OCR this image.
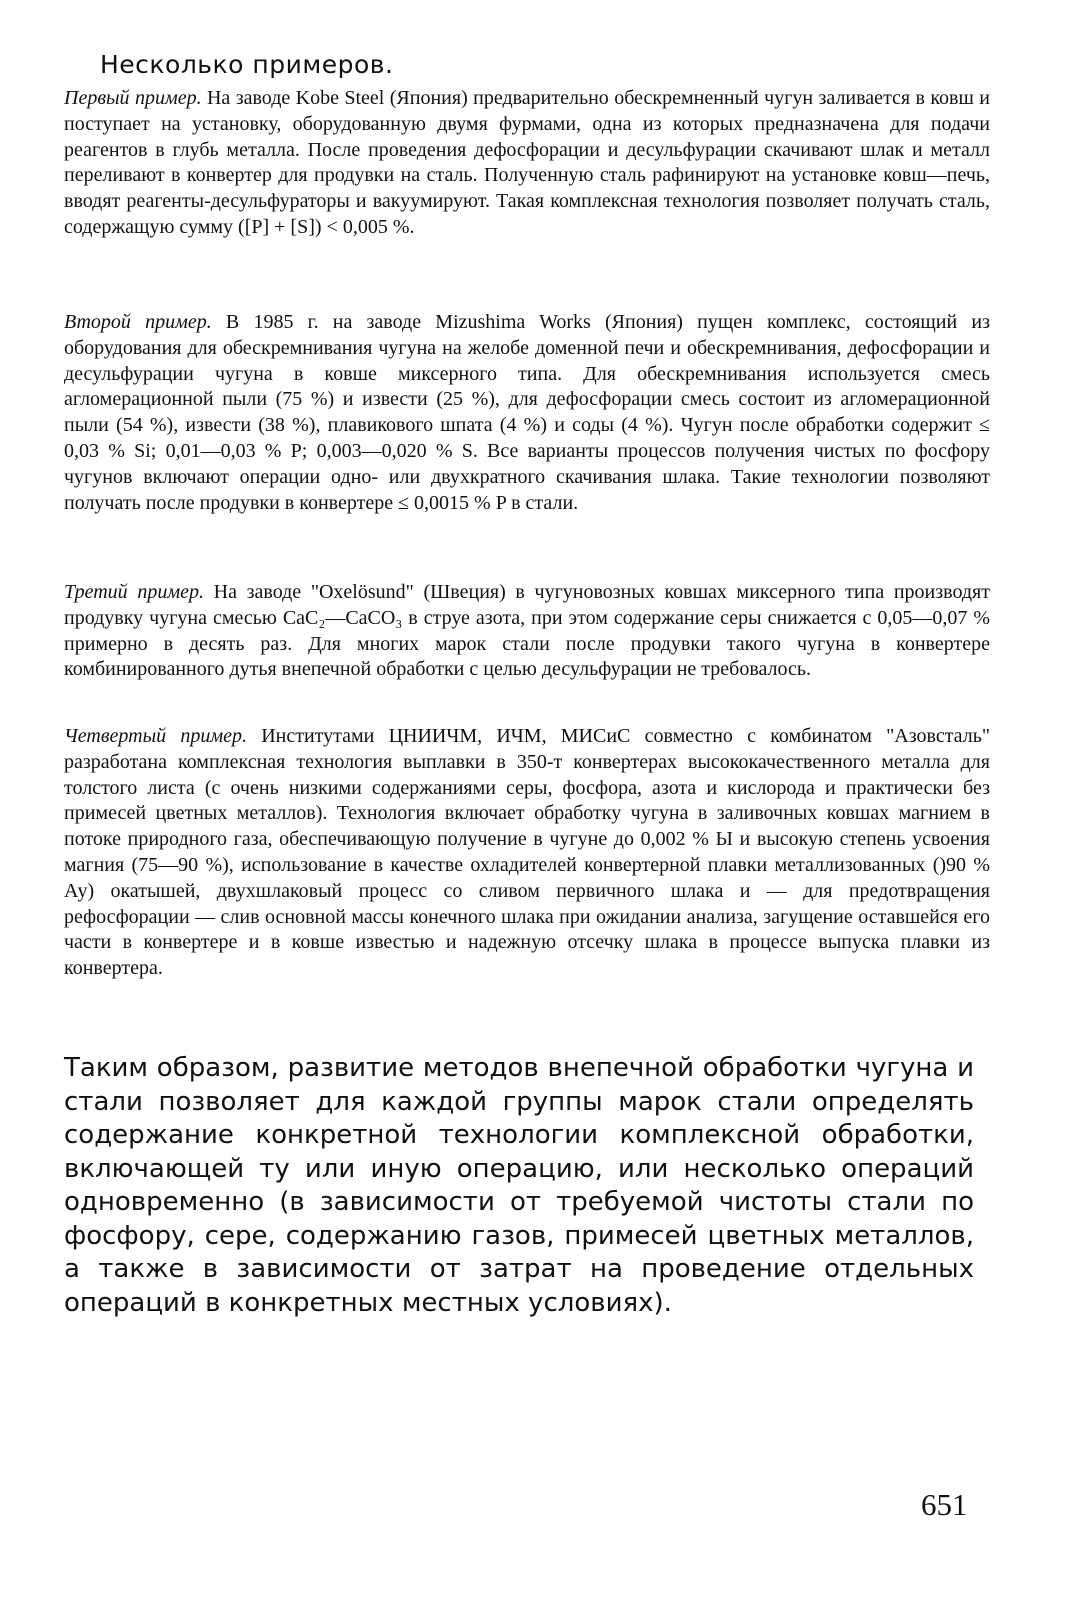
Несколько примеров.

Первый пример. На заводе Kobe Steel (Япония) предварительно обескремненный чугун заливается в ковш и поступает на установку, оборудованную двумя фурмами, одна из которых предназначена для подачи реагентов в глубь металла. После проведения дефосфорации и десульфурации скачивают шлак и металл переливают в конвертер для продувки на сталь. Полученную сталь рафинируют на установке ковш—печь, вводят реагенты-десульфураторы и вакуумируют. Такая комплексная технология позволяет получать сталь, содержащую сумму ([P] + [S]) < 0,005 %.

Второй пример. В 1985 г. на заводе Mizushima Works (Япония) пущен комплекс, состоящий из оборудования для обескремнивания чугуна на желобе доменной печи и обескремнивания, дефосфорации и десульфурации чугуна в ковше миксерного типа. Для обескремнивания используется смесь агломерационной пыли (75 %) и извести (25 %), для дефосфорации смесь состоит из агломерационной пыли (54 %), извести (38 %), плавикового шпата (4 %) и соды (4 %). Чугун после обработки содержит ≤ 0,03 % Si; 0,01—0,03 % P; 0,003—0,020 % S. Все варианты процессов получения чистых по фосфору чугунов включают операции одно- или двухкратного скачивания шлака. Такие технологии позволяют получать после продувки в конвертере ≤ 0,0015 % P в стали.

Третий пример. На заводе "Oxelösund" (Швеция) в чугуновозных ковшах миксерного типа производят продувку чугуна смесью CaC₂—CaCO₃ в струе азота, при этом содержание серы снижается с 0,05—0,07 % примерно в десять раз. Для многих марок стали после продувки такого чугуна в конвертере комбинированного дутья внепечной обработки с целью десульфурации не требовалось.

Четвертый пример. Институтами ЦНИИЧМ, ИЧМ, МИСиС совместно с комбинатом "Азовсталь" разработана комплексная технология выплавки в 350-т конвертерах высококачественного металла для толстого листа (с очень низкими содержаниями серы, фосфора, азота и кислорода и практически без примесей цветных металлов). Технология включает обработку чугуна в заливочных ковшах магнием в потоке природного газа, обеспечивающую получение в чугуне до 0,002 % Ы и высокую степень усвоения магния (75—90 %), использование в качестве охладителей конвертерной плавки металлизованных ()90 % Ау) окатышей, двухшлаковый процесс со сливом первичного шлака и — для предотвращения рефосфорации — слив основной массы конечного шлака при ожидании анализа, загущение оставшейся его части в конвертере и в ковше известью и надежную отсечку шлака в процессе выпуска плавки из конвертера.

Таким образом, развитие методов внепечной обработки чугуна и стали позволяет для каждой группы марок стали определять содержание конкретной технологии комплексной обработки, включающей ту или иную операцию, или несколько операций одновременно (в зависимости от требуемой чистоты стали по фосфору, сере, содержанию газов, примесей цветных металлов, а также в зависимости от затрат на проведение отдельных операций в конкретных местных условиях).

651
